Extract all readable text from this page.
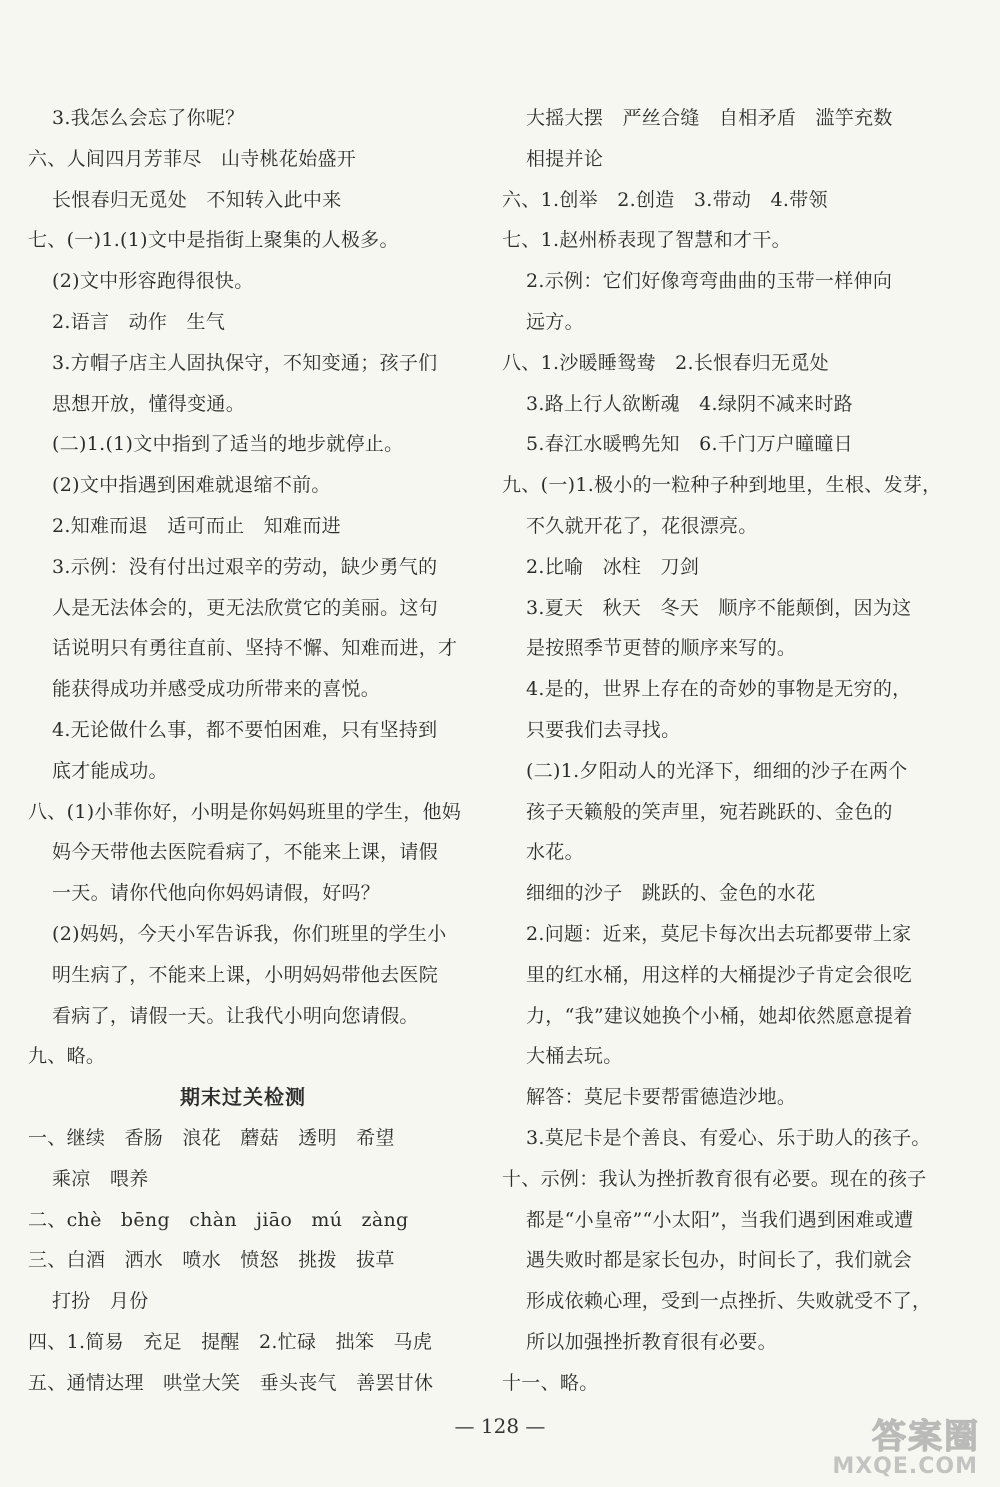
3.我怎么会忘了你呢？
六、人间四月芳菲尽　山寺桃花始盛开
长恨春归无觅处　不知转入此中来
七、(一)1.(1)文中是指街上聚集的人极多。
(2)文中形容跑得很快。
2.语言　动作　生气
3.方帽子店主人固执保守，不知变通；孩子们
思想开放，懂得变通。
(二)1.(1)文中指到了适当的地步就停止。
(2)文中指遇到困难就退缩不前。
2.知难而退　适可而止　知难而进
3.示例：没有付出过艰辛的劳动，缺少勇气的
人是无法体会的，更无法欣赏它的美丽。这句
话说明只有勇往直前、坚持不懈、知难而进，才
能获得成功并感受成功所带来的喜悦。
4.无论做什么事，都不要怕困难，只有坚持到
底才能成功。
八、(1)小菲你好，小明是你妈妈班里的学生，他妈
妈今天带他去医院看病了，不能来上课，请假
一天。请你代他向你妈妈请假，好吗？
(2)妈妈，今天小军告诉我，你们班里的学生小
明生病了，不能来上课，小明妈妈带他去医院
看病了，请假一天。让我代小明向您请假。
九、略。
期末过关检测
一、继续　香肠　浪花　蘑菇　透明　希望
乘凉　喂养
二、chè　bēng　chàn　jiāo　mú　zàng
三、白酒　洒水　喷水　愤怒　挑拨　拔草
打扮　月份
四、1.简易　充足　提醒　2.忙碌　拙笨　马虎
五、通情达理　哄堂大笑　垂头丧气　善罢甘休
大摇大摆　严丝合缝　自相矛盾　滥竽充数
相提并论
六、1.创举　2.创造　3.带动　4.带领
七、1.赵州桥表现了智慧和才干。
2.示例：它们好像弯弯曲曲的玉带一样伸向
远方。
八、1.沙暖睡鸳鸯　2.长恨春归无觅处
3.路上行人欲断魂　4.绿阴不减来时路
5.春江水暖鸭先知　6.千门万户曈曈日
九、(一)1.极小的一粒种子种到地里，生根、发芽，
不久就开花了，花很漂亮。
2.比喻　冰柱　刀剑
3.夏天　秋天　冬天　顺序不能颠倒，因为这
是按照季节更替的顺序来写的。
4.是的，世界上存在的奇妙的事物是无穷的，
只要我们去寻找。
(二)1.夕阳动人的光泽下，细细的沙子在两个
孩子天籁般的笑声里，宛若跳跃的、金色的
水花。
细细的沙子　跳跃的、金色的水花
2.问题：近来，莫尼卡每次出去玩都要带上家
里的红水桶，用这样的大桶提沙子肯定会很吃
力，“我”建议她换个小桶，她却依然愿意提着
大桶去玩。
解答：莫尼卡要帮雷德造沙地。
3.莫尼卡是个善良、有爱心、乐于助人的孩子。
十、示例：我认为挫折教育很有必要。现在的孩子
都是“小皇帝”“小太阳”，当我们遇到困难或遭
遇失败时都是家长包办，时间长了，我们就会
形成依赖心理，受到一点挫折、失败就受不了，
所以加强挫折教育很有必要。
十一、略。
— 128 —	答案圈
MXQE.COM
